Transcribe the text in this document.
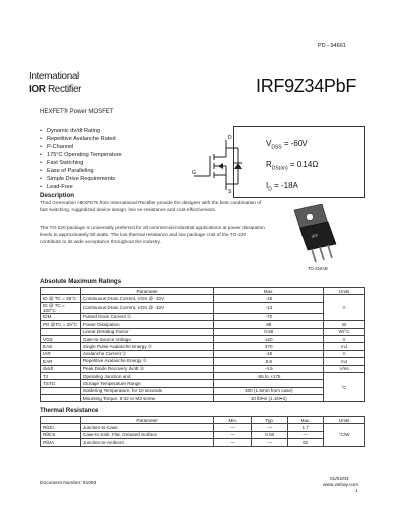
PD - 94661
International
IOR Rectifier	IRF9Z34PbF
HEXFET® Power MOSFET
• Dynamic dv/dt Rating
• Repetitive Avalanche Rated
• P-Channel
• 175°C Operating Temperature
• Fast Switching
• Ease of Paralleling
• Simple Drive Requirements
• Lead-Free
$V_{DSS} = -60V$
$R_{DS(on)} = 0.14\Omega$
$I_D = -18A$
G
D
S
Description
Third Generation HEXFETs from International Rectifier provide the designer with the best combination of fast switching, ruggedized device design, low on-resistance and cost-effectiveness.
The TO-220 package is universally preferred for all commercial-industrial applications at power dissipation levels to approximately 50 watts. The low thermal resistance and low package cost of the TO-220 contribute to its wide acceptance throughout the industry.
IRF
TO-220AB
Absolute Maximum Ratings
	Parameter	Max.	Units
ID @ TC = 25°C	Continuous Drain Current, VGS @ -10V	-18	A
ID @ TC = 100°C	Continuous Drain Current, VGS @ -10V	-13	
IDM	Pulsed Drain Current ①	-72	
PD @TC = 25°C	Power Dissipation	88	W
	Linear Derating Factor	0.59	W/°C
VGS	Gate-to-Source Voltage	±20	V
EAS	Single Pulse Avalanche Energy ②	370	mJ
IAR	Avalanche Current ①	-18	A
EAR	Repetitive Avalanche Energy ①	8.8	mJ
dv/dt	Peak Diode Recovery dv/dt ③	-4.5	V/ns
TJ	Operating Junction and	-55 to +175	°C
TSTG	Storage Temperature Range		
	Soldering Temperature, for 10 seconds	300 (1.6mm from case)	
	Mounting Torque, 6-32 or M3 screw	10 lbf•in (1.1N•m)	
Thermal Resistance
	Parameter	Min.	Typ.	Max.	Units
RθJC	Junction-to-Case	—	—	1.7	°C/W
RθCS	Case-to-Sink, Flat, Greased Surface	—	0.50	—	
RθJA	Junction-to-Ambient	—	—	62	
Document Number: 91093
01/02/04
www.vishay.com
1
